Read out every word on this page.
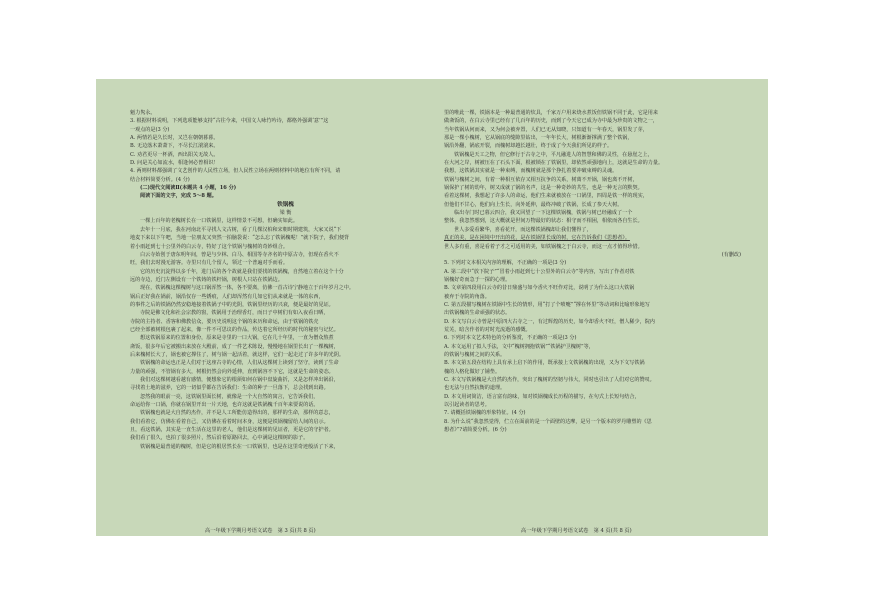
魁力隽永。
3. 根据材料说明，下列选项能够支持“古往今来，中国文人咏竹吟诗，都格外强调‘意’”这
一观点的是(3 分)
A. 两情若是久长时，又岂在朝朝暮暮。
B. 无边落木萧萧下，不尽长江滚滚来。
C. 劝君更尽一杯酒，西出阳关无故人。
D. 问是关心如流水，相逢何必曾相识！
4. 两则材料都强调了文艺创作的人民性立场，但人民性立场在两则材料中的地位有所不同，请
结合材料简要分析。(4 分)
(二)现代文阅读Ⅱ(本题共 4 小题，16 分)
阅读下面的文字，完成 5～8 题。
铁锅槐
梁 衡
一棵上百年的老槐树长在一口铁锅里，这样情景不可想，但确实如此。
去年十一月底，我在河南北平寻找人文古树，看了几棵汉柏和宋朝时期建筑，大家又说“下
地麦下来以下午吧，当地一位朋友又突然一拍脑袋说：“怎么忘了铁锅槐呢！”就下院子，我们便背
着小雨赶到七十公里外的白云寺，特好了这个铁锅与槐树的奇妙组合。
白云寺始创于唐东明年间，曾是与少林、白马、相国等寺齐名的中原古寺，但现在香火不
旺，我们去时漫无游客。寺里只有几个留人，领过一个普遍对手而看。
它的历史沉淀得以多千年，进门后的各个故就是我们要找的铁锅槐，自然地立着在这个十分
远的寺边，近门左侧设有一个铁铸的铁杆锅，树根人只站在铁锅边。
现在，铁锅槐这棵槐树与这口锅浑然一体，各不要离，仿佛一首古诗宁静地立于百年岁月之中。
锅后正好我在锅前，锅沿仅存一些锈痕，人们却浑然有几如它们从来就是一体的东西，
的事件之后的铁锅仍然安稳地接着铁锅子中的光阴，铁锅里经历的兴衰，便是最好的见证。
寺院是佛文化和社会宗教的窗，铁锅用于治理香灯，而日子中树们有如入夜看日晒，
寺院的主持者、香客和佛教信众，要历史说明这个锅的来历和命运，由于铁锅的铁壳
已经全部被树根包裹了起来，像一件不可思议的作品，传达着它所经历的时代的秘密与记忆。
想这铁锅原来的位置和身份，原来是寺里的一口大锅，它在几十年里，一直为僧众熬煮
斋饭，很多年后它被搬出来放在大殿前，成了一件艺术陈设，慢慢地在锅里长出了一棵槐树，
后来槐树长大了，锅也被它撑住了，树与锅一起活着，就这样，它们一起走过了许多年的光阴。
铁锅槐的命运也正是人们对于这座古寺的心情，人们从这棵树上读到了坚守，读到了生命
力量的顽强，不管锅有多大，树根仍然会向外延伸，直到锅容不下它，这就是生命的姿态。
我们对这棵树越看越有感情，便想象它的根须如何在锅中盘旋曲折，又是怎样冲出锅沿，
寻找着土地的滋养，它的一切似乎都在告诉我们：生命的种子一旦落下，总会找到出路。
忽然我的眼前一亮，这铁锅里面长树，就像是一个大自然的寓言，它告诉我们，
命运给你一口锅，你就在锅里开出一片天地，也许这就是铁锅槐千百年来要说的话。
铁锅槐也就是大自然的杰作，并不是人工所能仿造得出的，那样的生命，那样的意志，
我们看着它，仿佛在看着自己，又仿佛在看着时间本身，这便是铁锅槐留给人间的启示。
且，看这铁锅，其实是一直生活在这里的老人，他们是这棵树的见证者，更是它的守护者。
我们看了很久，也拍了很多照片，然后沿着原路回去，心中满是这棵树的影子。
铁锅槐是最普通的槐树，但是它的根居然长在一口铁锅里，也是在这里奇迹般活了下来，
里的唯此一棵，铁锅本是一种最普通的炊具，千家万户用来烧水煮饭但铁锅不同于此，它是用来
做斋饭的，在白云寺里已经有了几百年的历史，而到了今天它已成为寺中最为珍贵的文物之一，
当年铁锅从何而来，又为何会被弃置，人们已无从知晓，只知道有一年春天，锅里发了芽，
那是一棵小槐树，它从锅底的缝隙里钻出，一年年长大，树根渐渐撑满了整个铁锅，
锅沿外翻，锅底开裂，而槐树却越长越壮，终于成了今天我们所见的样子。
铁锅槐是天工之物，但它修行于古寺之中，平凡融进人的智慧和佛的灵性，在悬崖之上，
在大河之岸，树被压在了石头下面，根被锁在了铁锅里，却依然顽强地向上，这就是生命的力量。
我想，这铁锅其实就是一种束缚，而槐树就是那个挣扎着要冲破束缚的灵魂。
铁锅与槐树之间，有着一种相互依存又相互抗争的关系，树离不开锅，锅也离不开树，
锅保护了树的幼年，树又成就了锅的名声，这是一种奇妙的共生，也是一种无言的默契。
看着这棵树，我想起了许多人的命运，他们生来就被放在一口锅里，四周是铁一样的现实，
但他们不甘心，他们向上生长，向外延伸，最终冲破了铁锅，长成了参天大树。
临出寺门时已暮云四合，我又回望了一下这棵铁锅槐，铁锅与树已经融成了一个
整体，我忽然想到，这大概就是世间万物最好的状态：相守而不相困，相依而各自生长。
世人多爱看繁华，喜看花开，而这棵铁锅槐却让我们懂得了，
真正的美，是在困境中开出的花，是在铁锅里长成的树，它在告诉我们《思想者》。
世人多有重，喜是看着子才之可适用的美，如铁锅槐之于白云寺，而这一点才值得珍惜。
(有删改)
5. 下列对文本相关内容的理解，不正确的一项是(3 分)
A. 第二段中“放下院子”“冒着小雨赶到七十公里外的白云寺”等内容，写出了作者对铁
锅槐好奇而急于一探的心理。
B. 文章第四段用白云寺的昔日鼎盛与如今香火不旺作对比，说明了为什么这口大铁锅
被弃于寺院的角落。
C. 第五段描写槐树在铁锅中生长的情形，用“打了个喷嚏”“撑在怀里”等动词和比喻形象地写
出铁锅槐的生命顽强的状态。
D. 本文写白云寺曾是中原四大古寺之一，有过辉煌的历史，如今却香火不旺，僧人稀少，院内
荒芜，暗含作者的对时光流逝的感慨。
6. 下列对本文艺术特色的分析鉴赏，不正确的一项是(3 分)
A. 本文运用了拟人手法，文中“槐树拥抱铁锅”“铁锅护卫槐树”等，
的铁锅与槐树之间的关系。
B. 本文第五段在结构上具有承上启下的作用，既承接上文铁锅槐的出现，又为下文写铁锅
槐的人格化做好了铺垫。
C. 本文写铁锅槐是大自然的杰作，突出了槐树的坚韧与伟大，同时也引出了人们对它的赞叹。
也无法与自然抗衡的道理。
D. 本文用词简洁，语言富有韵味，如对铁锅槐成长历程的描写，在句式上长短句结合，
以引起读者的思考。
7. 请概括铁锅槐的形象特征。(4 分)
8. 为什么说“我忽然觉得，伫立在面前的是一个面壁的达摩，是另一个版本的罗丹雕塑的《思
想者》”?请简要分析。(6 分)
高一年级下学期月考语文试卷　第 3 页(共 8 页)	高一年级下学期月考语文试卷　第 4 页(共 8 页)
